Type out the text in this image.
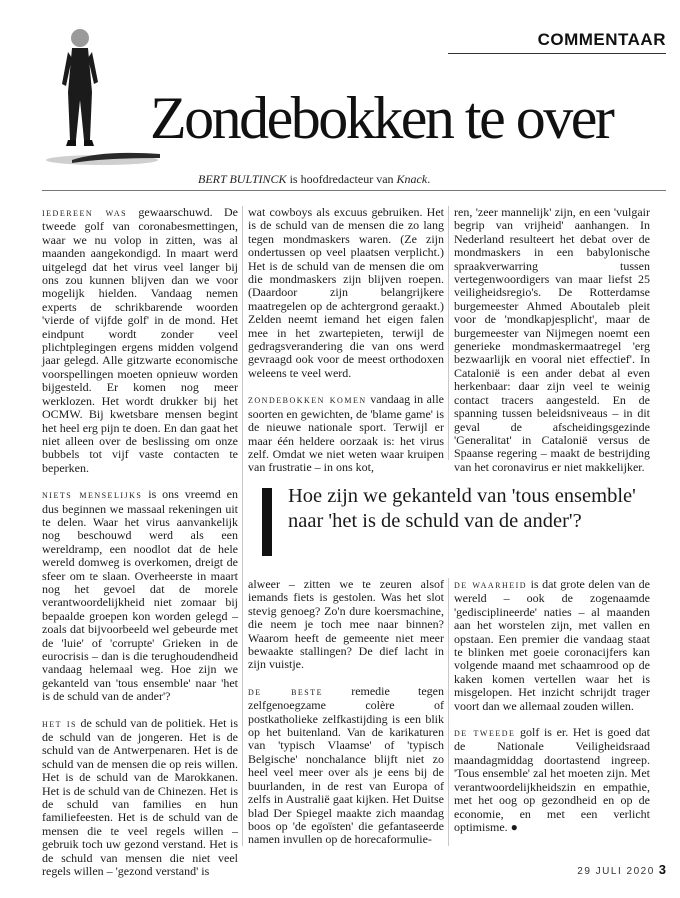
COMMENTAAR
Zondebokken te over
BERT BULTINCK is hoofdredacteur van Knack.

iedereen was gewaarschuwd. De tweede golf van coronabesmettingen, waar we nu volop in zitten, was al maanden aangekondigd. In maart werd uitgelegd dat het virus veel langer bij ons zou kunnen blijven dan we voor mogelijk hielden. Vandaag nemen experts de schrikbarende woorden 'vierde of vijfde golf' in de mond. Het eindpunt wordt zonder veel plichtplegingen ergens midden volgend jaar gelegd. Alle gitzwarte economische voorspellingen moeten opnieuw worden bijgesteld. Er komen nog meer werklozen. Het wordt drukker bij het OCMW. Bij kwetsbare mensen begint het heel erg pijn te doen. En dan gaat het niet alleen over de beslissing om onze bubbels tot vijf vaste contacten te beperken.

niets menselijks is ons vreemd en dus beginnen we massaal rekeningen uit te delen. Waar het virus aanvankelijk nog beschouwd werd als een wereldramp, een noodlot dat de hele wereld domweg is overkomen, dreigt de sfeer om te slaan. Overheerste in maart nog het gevoel dat de morele verantwoordelijkheid niet zomaar bij bepaalde groepen kon worden gelegd – zoals dat bijvoorbeeld wel gebeurde met de 'luie' of 'corrupte' Grieken in de eurocrisis – dan is die terughoudendheid vandaag helemaal weg. Hoe zijn we gekanteld van 'tous ensemble' naar 'het is de schuld van de ander'?

het is de schuld van de politiek. Het is de schuld van de jongeren. Het is de schuld van de Antwerpenaren. Het is de schuld van de mensen die op reis willen. Het is de schuld van de Marokkanen. Het is de schuld van de Chinezen. Het is de schuld van families en hun familiefeesten. Het is de schuld van de mensen die te veel regels willen – gebruik toch uw gezond verstand. Het is de schuld van mensen die niet veel regels willen – 'gezond verstand' is

wat cowboys als excuus gebruiken. Het is de schuld van de mensen die zo lang tegen mondmaskers waren. (Ze zijn ondertussen op veel plaatsen verplicht.) Het is de schuld van de mensen die om die mondmaskers zijn blijven roepen. (Daardoor zijn belangrijkere maatregelen op de achtergrond geraakt.) Zelden neemt iemand het eigen falen mee in het zwartepieten, terwijl de gedragsverandering die van ons werd gevraagd ook voor de meest orthodoxen weleens te veel werd.

zondebokken komen vandaag in alle soorten en gewichten, de 'blame game' is de nieuwe nationale sport. Terwijl er maar één heldere oorzaak is: het virus zelf. Omdat we niet weten waar kruipen van frustratie – in ons kot,

ren, 'zeer mannelijk' zijn, en een 'vulgair begrip van vrijheid' aanhangen. In Nederland resulteert het debat over de mondmaskers in een babylonische spraakverwarring tussen vertegenwoordigers van maar liefst 25 veiligheidsregio's. De Rotterdamse burgemeester Ahmed Aboutaleb pleit voor de 'mondkapjesplicht', maar de burgemeester van Nijmegen noemt een generieke mondmaskermaatregel 'erg bezwaarlijk en vooral niet effectief'. In Catalonië is een ander debat al even herkenbaar: daar zijn veel te weinig contact tracers aangesteld. En de spanning tussen beleidsniveaus – in dit geval de afscheidingsgezinde 'Generalitat' in Catalonië versus de Spaanse regering – maakt de bestrijding van het coronavirus er niet makkelijker.

Hoe zijn we gekanteld van 'tous ensemble' naar 'het is de schuld van de ander'?

alweer – zitten we te zeuren alsof iemands fiets is gestolen. Was het slot stevig genoeg? Zo'n dure koersmachine, die neem je toch mee naar binnen? Waarom heeft de gemeente niet meer bewaakte stallingen? De dief lacht in zijn vuistje.

de beste remedie tegen zelfgenoegzame colère of postkatholieke zelfkastijding is een blik op het buitenland. Van de karikaturen van 'typisch Vlaamse' of 'typisch Belgische' nonchalance blijft niet zo heel veel meer over als je eens bij de buurlanden, in de rest van Europa of zelfs in Australië gaat kijken. Het Duitse blad Der Spiegel maakte zich maandag boos op 'de egoïsten' die gefantaseerde namen invullen op de horecaformulie-

de waarheid is dat grote delen van de wereld – ook de zogenaamde 'gedisciplineerde' naties – al maanden aan het worstelen zijn, met vallen en opstaan. Een premier die vandaag staat te blinken met goeie coronacijfers kan volgende maand met schaamrood op de kaken komen vertellen waar het is misgelopen. Het inzicht schrijdt trager voort dan we allemaal zouden willen.

de tweede golf is er. Het is goed dat de Nationale Veiligheidsraad maandagmiddag doortastend ingreep. 'Tous ensemble' zal het moeten zijn. Met verantwoordelijkheidszin en empathie, met het oog op gezondheid en op de economie, en met een verlicht optimisme. ●

29 JULI 2020 3
